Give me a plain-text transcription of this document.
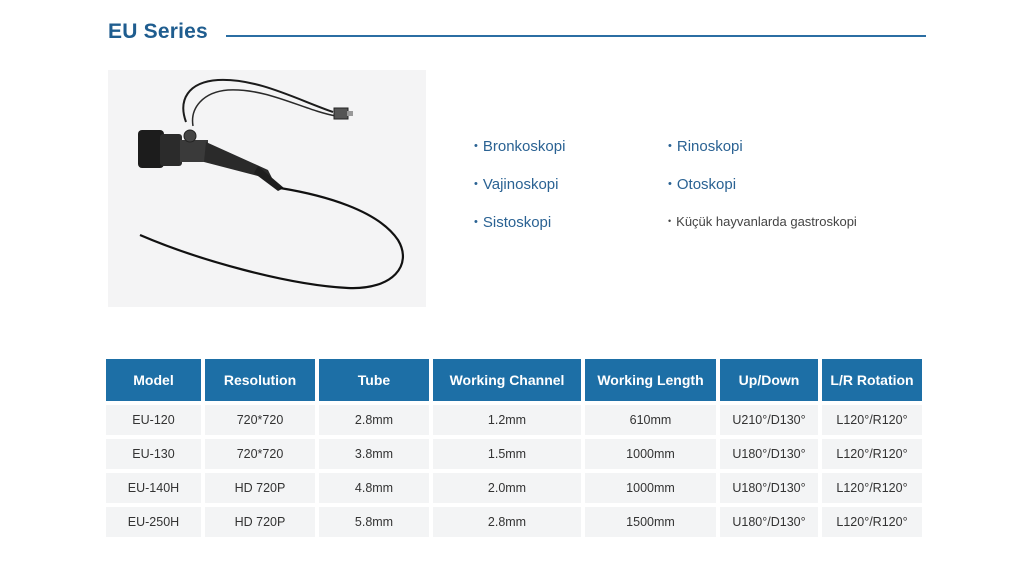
EU Series
• Bronkoskopi
• Vajinoskopi
• Sistoskopi
• Rinoskopi
• Otoskopi
• Küçük hayvanlarda gastroskopi
Model	Resolution	Tube	Working Channel	Working Length	Up/Down	L/R Rotation
EU-120	720*720	2.8mm	1.2mm	610mm	U210°/D130°	L120°/R120°
EU-130	720*720	3.8mm	1.5mm	1000mm	U180°/D130°	L120°/R120°
EU-140H	HD 720P	4.8mm	2.0mm	1000mm	U180°/D130°	L120°/R120°
EU-250H	HD 720P	5.8mm	2.8mm	1500mm	U180°/D130°	L120°/R120°
